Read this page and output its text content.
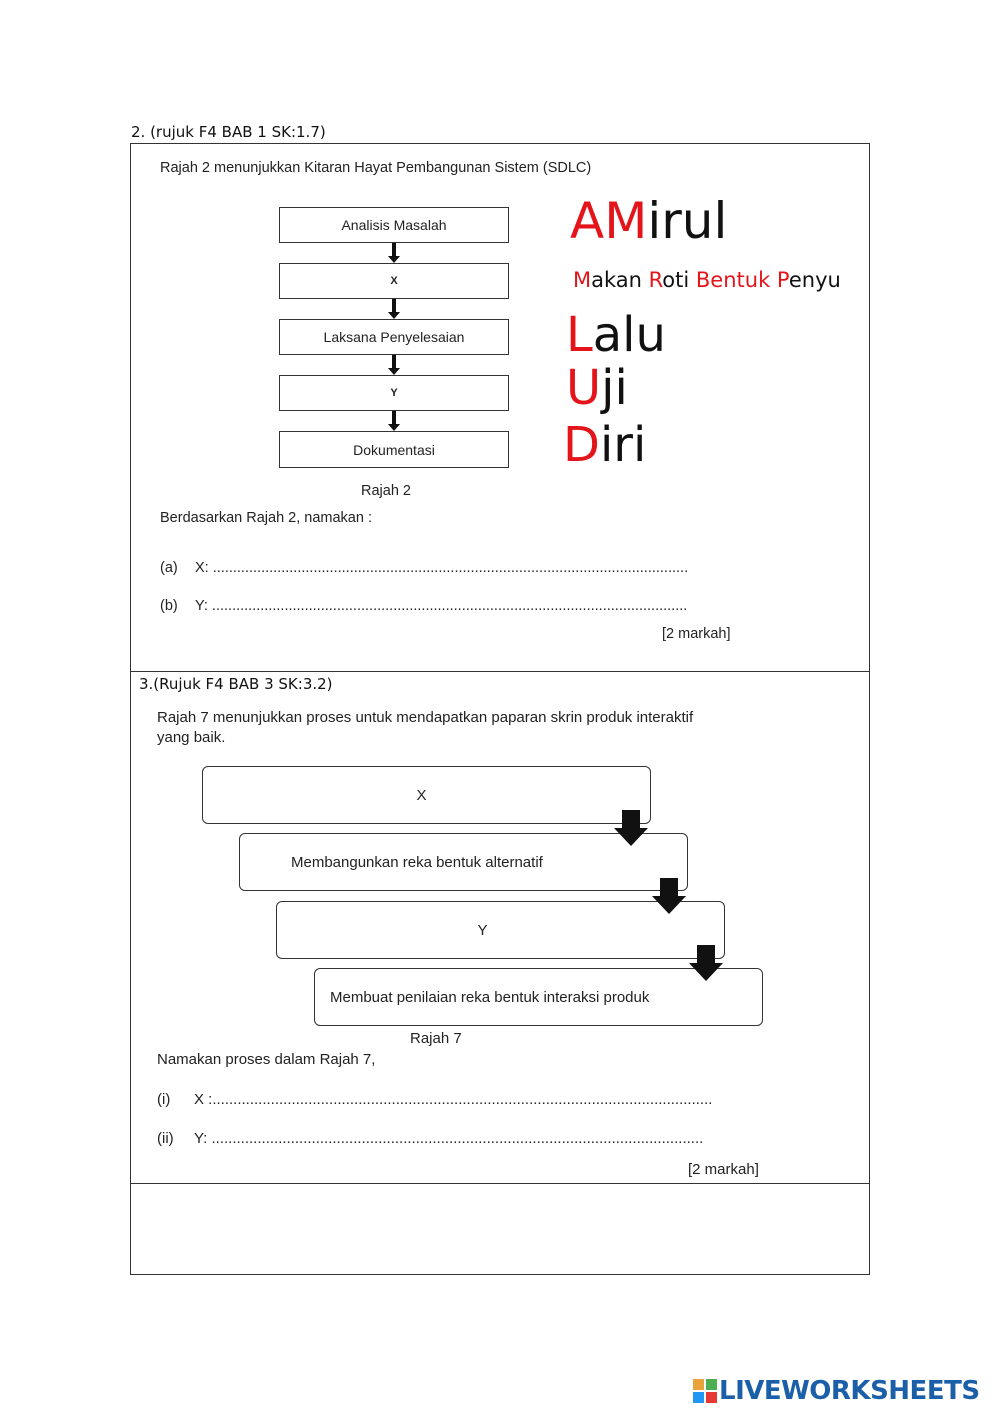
2. (rujuk F4 BAB 1 SK:1.7)
Rajah 2 menunjukkan Kitaran Hayat Pembangunan Sistem (SDLC)
Analisis Masalah
X
Laksana Penyelesaian
Y
Dokumentasi
Rajah 2
AMirul
Makan Roti Bentuk Penyu
Lalu
Uji
Diri
Berdasarkan Rajah 2, namakan :
(a) X: ......................................................................................................................
(b) Y: ......................................................................................................................
[2 markah]
3.(Rujuk F4 BAB 3 SK:3.2)
Rajah 7 menunjukkan proses untuk mendapatkan paparan skrin produk interaktif
yang baik.
X
Membangunkan reka bentuk alternatif
Y
Membuat penilaian reka bentuk interaksi produk
Rajah 7
Namakan proses dalam Rajah 7,
(i) X :........................................................................................................................
(ii) Y: ......................................................................................................................
[2 markah]
LIVEWORKSHEETS
